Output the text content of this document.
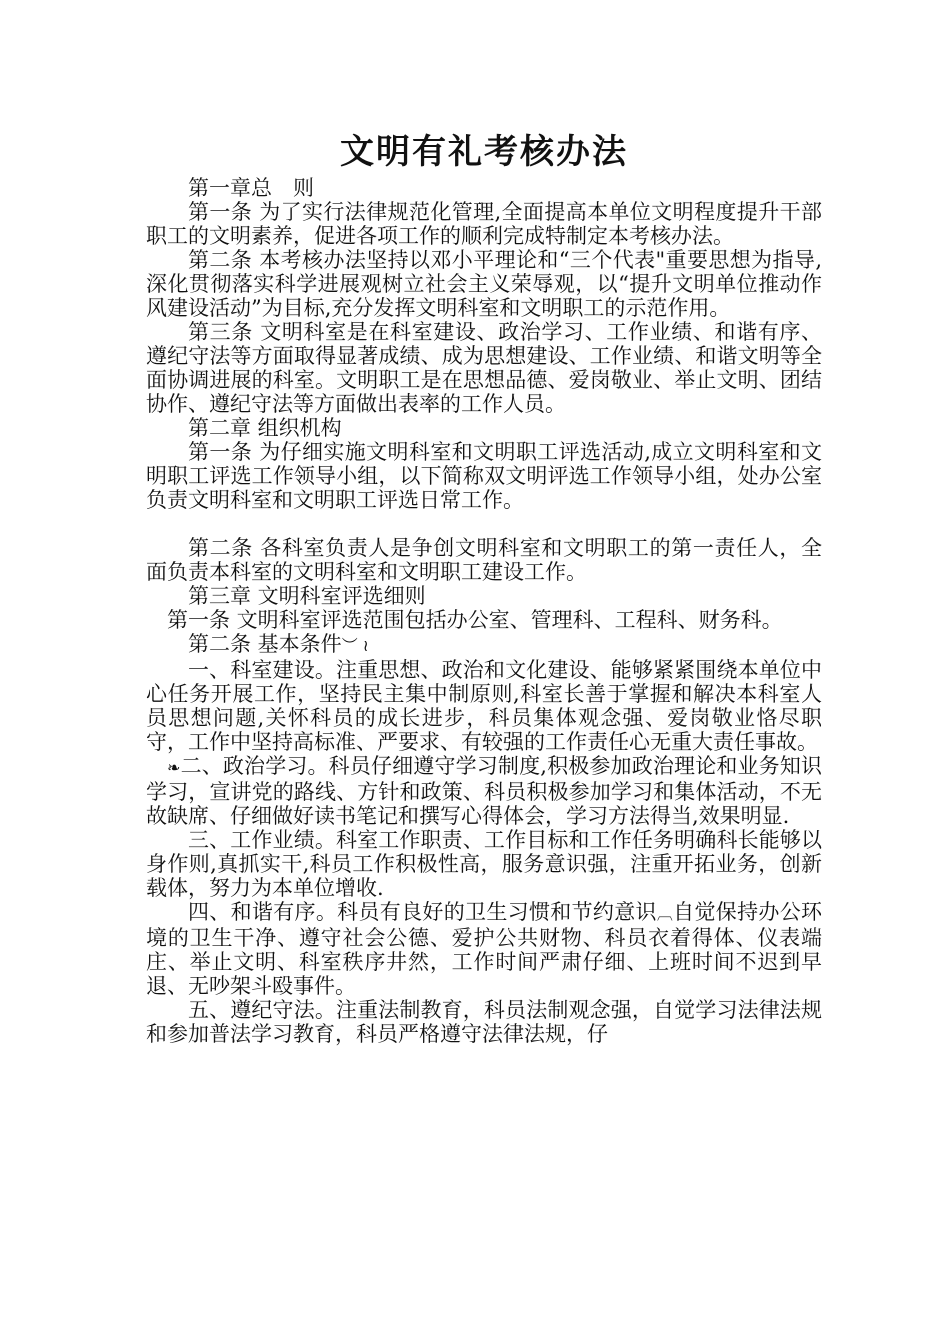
文明有礼考核办法

第一章总　则

第一条 为了实行法律规范化管理,全面提高本单位文明程度提升干部职工的文明素养，促进各项工作的顺利完成特制定本考核办法。

第二条 本考核办法坚持以邓小平理论和“三个代表"重要思想为指导,深化贯彻落实科学进展观树立社会主义荣辱观，以“提升文明单位推动作风建设活动”为目标,充分发挥文明科室和文明职工的示范作用。

第三条 文明科室是在科室建设、政治学习、工作业绩、和谐有序、遵纪守法等方面取得显著成绩、成为思想建设、工作业绩、和谐文明等全面协调进展的科室。文明职工是在思想品德、爱岗敬业、举止文明、团结协作、遵纪守法等方面做出表率的工作人员。

第二章 组织机构

第一条 为仔细实施文明科室和文明职工评选活动,成立文明科室和文明职工评选工作领导小组，以下简称双文明评选工作领导小组，处办公室负责文明科室和文明职工评选日常工作。

第二条 各科室负责人是争创文明科室和文明职工的第一责任人，全面负责本科室的文明科室和文明职工建设工作。

第三章 文明科室评选细则

第一条 文明科室评选范围包括办公室、管理科、工程科、财务科。

第二条 基本条件︶ ≀

一、科室建设。注重思想、政治和文化建设、能够紧紧围绕本单位中心任务开展工作，坚持民主集中制原则,科室长善于掌握和解决本科室人员思想问题,关怀科员的成长进步，科员集体观念强、爱岗敬业恪尽职守，工作中坚持高标准、严要求、有较强的工作责任心无重大责任事故。

❧二、政治学习。科员仔细遵守学习制度,积极参加政治理论和业务知识学习，宣讲党的路线、方针和政策、科员积极参加学习和集体活动，不无故缺席、仔细做好读书笔记和撰写心得体会，学习方法得当,效果明显.

三、工作业绩。科室工作职责、工作目标和工作任务明确科长能够以身作则,真抓实干,科员工作积极性高，服务意识强，注重开拓业务，创新载体，努力为本单位增收.

四、和谐有序。科员有良好的卫生习惯和节约意识︹自觉保持办公环境的卫生干净、遵守社会公德、爱护公共财物、科员衣着得体、仪表端庄、举止文明、科室秩序井然，工作时间严肃仔细、上班时间不迟到早退、无吵架斗殴事件。

五、遵纪守法。注重法制教育，科员法制观念强，自觉学习法律法规和参加普法学习教育，科员严格遵守法律法规，仔
